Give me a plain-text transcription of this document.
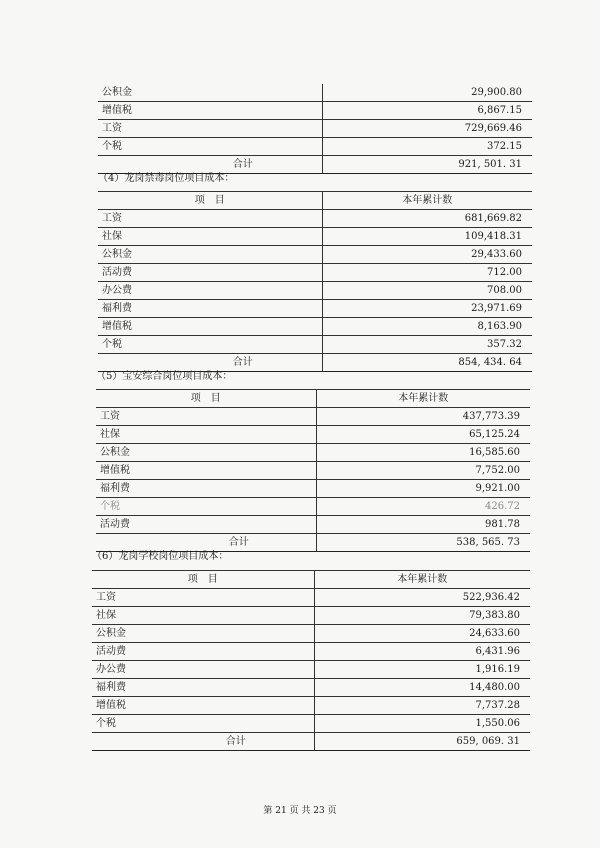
公积金	29,900.80
增值税	6,867.15
工资	729,669.46
个税	372.15
合计	921, 501. 31
（4）龙岗禁毒岗位项目成本：
项　目	本年累计数
工资	681,669.82
社保	109,418.31
公积金	29,433.60
活动费	712.00
办公费	708.00
福利费	23,971.69
增值税	8,163.90
个税	357.32
合计	854, 434. 64
（5）宝安综合岗位项目成本：
项　目	本年累计数
工资	437,773.39
社保	65,125.24
公积金	16,585.60
增值税	7,752.00
福利费	9,921.00
个税	426.72
活动费	981.78
合计	538, 565. 73
（6）龙岗学校岗位项目成本：
项　目	本年累计数
工资	522,936.42
社保	79,383.80
公积金	24,633.60
活动费	6,431.96
办公费	1,916.19
福利费	14,480.00
增值税	7,737.28
个税	1,550.06
合计	659, 069. 31
第 21 页 共 23 页
